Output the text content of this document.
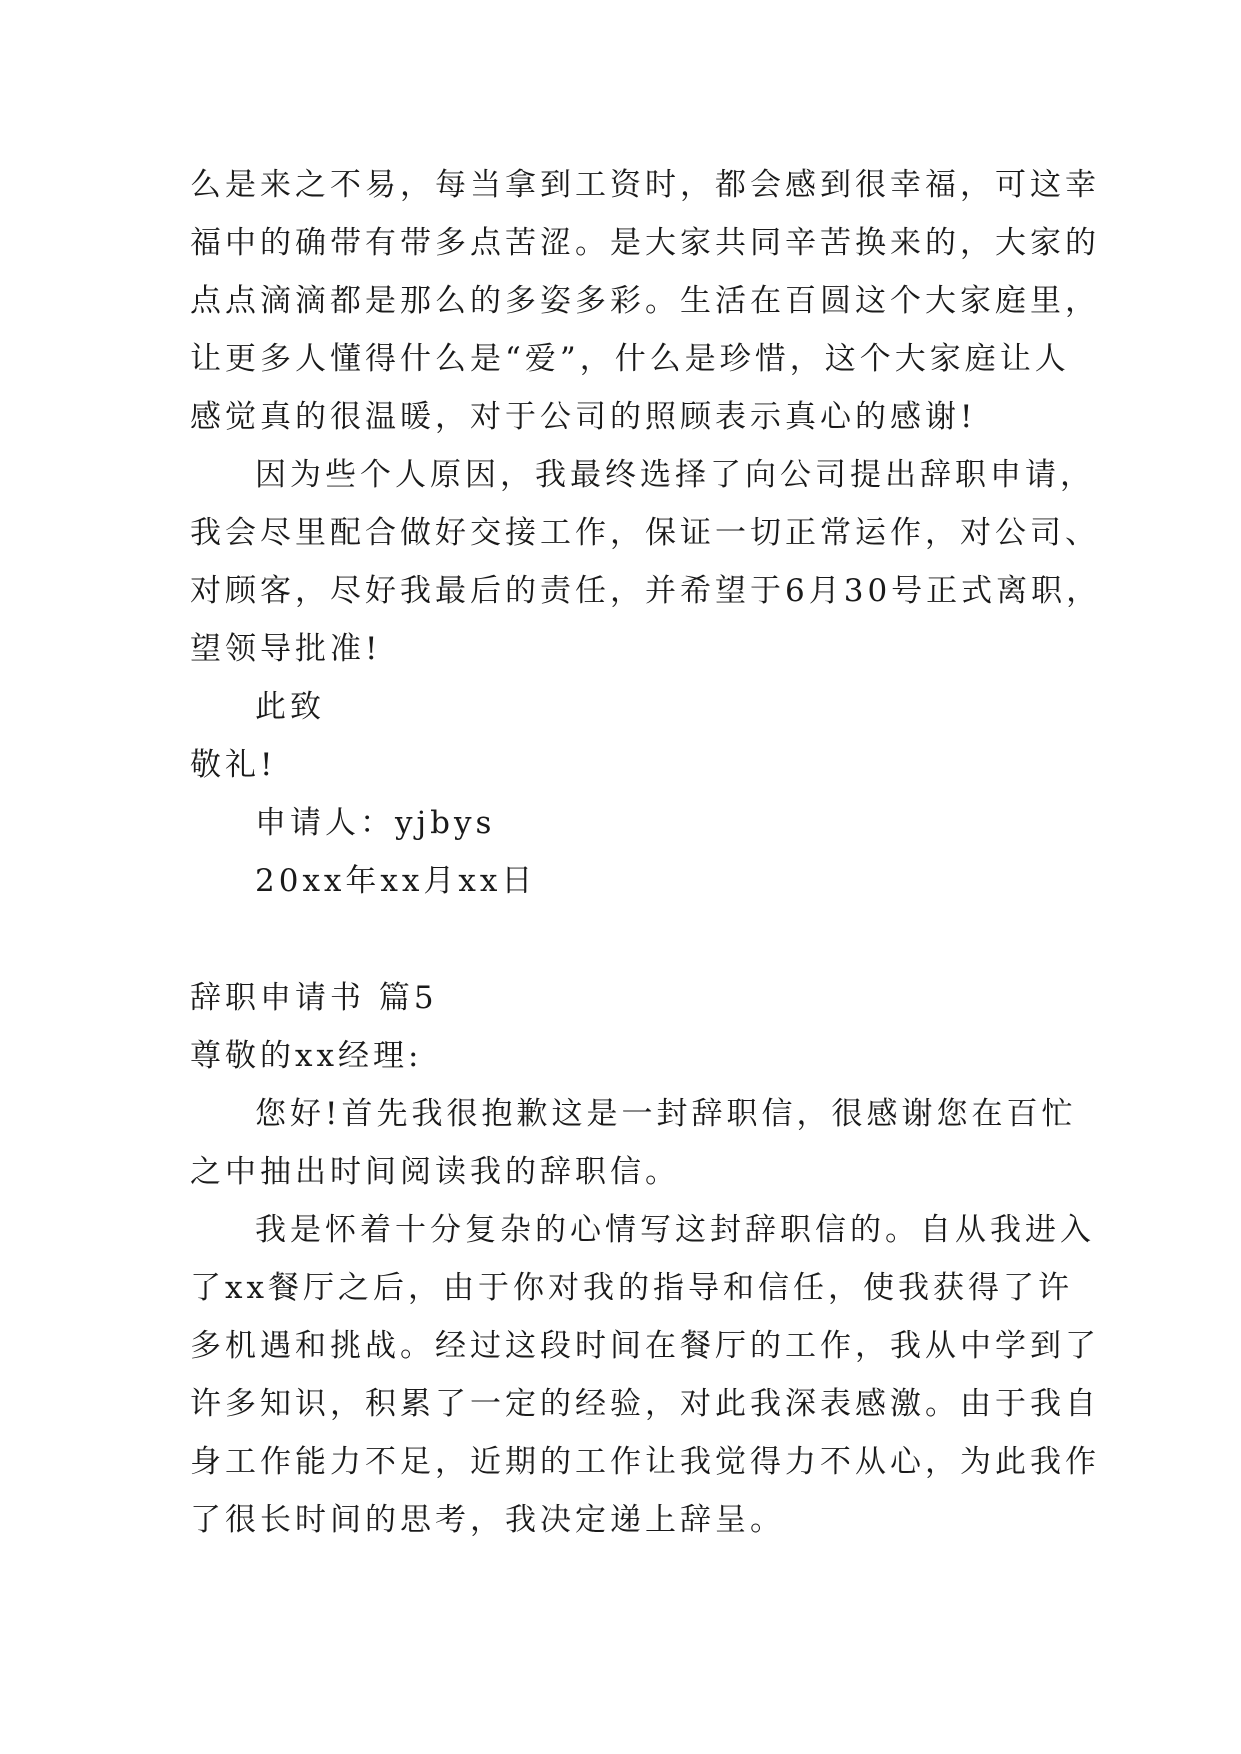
么是来之不易，每当拿到工资时，都会感到很幸福，可这幸
福中的确带有带多点苦涩。是大家共同辛苦换来的，大家的
点点滴滴都是那么的多姿多彩。生活在百圆这个大家庭里，
让更多人懂得什么是“爱”，什么是珍惜，这个大家庭让人
感觉真的很温暖，对于公司的照顾表示真心的感谢!
因为些个人原因，我最终选择了向公司提出辞职申请，
我会尽里配合做好交接工作，保证一切正常运作，对公司、
对顾客，尽好我最后的责任，并希望于6月30号正式离职，
望领导批准!
此致
敬礼!
申请人：yjbys
20xx年xx月xx日
辞职申请书 篇5
尊敬的xx经理:
您好!首先我很抱歉这是一封辞职信，很感谢您在百忙
之中抽出时间阅读我的辞职信。
我是怀着十分复杂的心情写这封辞职信的。自从我进入
了xx餐厅之后，由于你对我的指导和信任，使我获得了许
多机遇和挑战。经过这段时间在餐厅的工作，我从中学到了
许多知识，积累了一定的经验，对此我深表感激。由于我自
身工作能力不足，近期的工作让我觉得力不从心，为此我作
了很长时间的思考，我决定递上辞呈。
